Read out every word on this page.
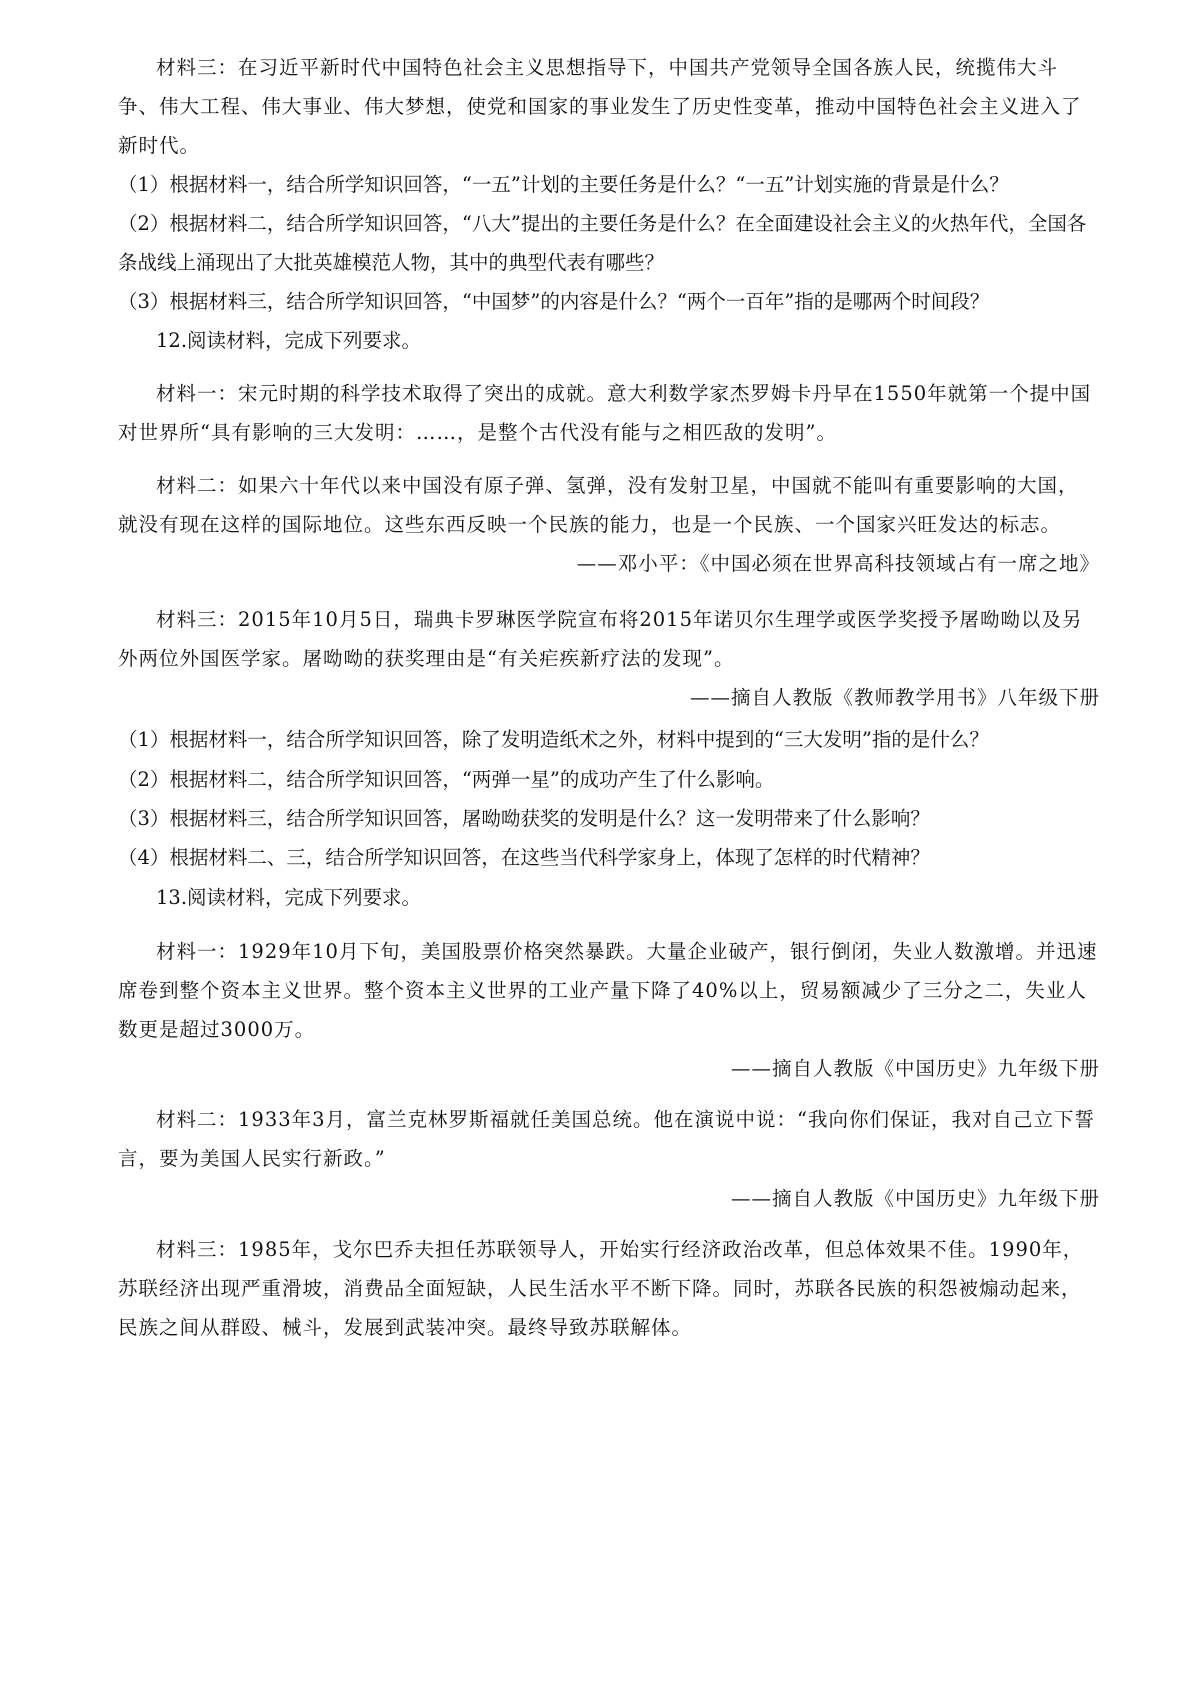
材料三：在习近平新时代中国特色社会主义思想指导下，中国共产党领导全国各族人民，统揽伟大斗争、伟大工程、伟大事业、伟大梦想，使党和国家的事业发生了历史性变革，推动中国特色社会主义进入了新时代。

（1）根据材料一，结合所学知识回答，“一五”计划的主要任务是什么？“一五”计划实施的背景是什么？

（2）根据材料二，结合所学知识回答，“八大”提出的主要任务是什么？在全面建设社会主义的火热年代，全国各条战线上涌现出了大批英雄模范人物，其中的典型代表有哪些？

（3）根据材料三，结合所学知识回答，“中国梦”的内容是什么？“两个一百年”指的是哪两个时间段？

12.阅读材料，完成下列要求。

材料一：宋元时期的科学技术取得了突出的成就。意大利数学家杰罗姆卡丹早在1550年就第一个提中国对世界所“具有影响的三大发明：……，是整个古代没有能与之相匹敌的发明”。

材料二：如果六十年代以来中国没有原子弹、氢弹，没有发射卫星，中国就不能叫有重要影响的大国，就没有现在这样的国际地位。这些东西反映一个民族的能力，也是一个民族、一个国家兴旺发达的标志。

——邓小平：《中国必须在世界高科技领域占有一席之地》

材料三：2015年10月5日，瑞典卡罗琳医学院宣布将2015年诺贝尔生理学或医学奖授予屠呦呦以及另外两位外国医学家。屠呦呦的获奖理由是“有关疟疾新疗法的发现”。

——摘自人教版《教师教学用书》八年级下册

（1）根据材料一，结合所学知识回答，除了发明造纸术之外，材料中提到的“三大发明”指的是什么？

（2）根据材料二，结合所学知识回答，“两弹一星”的成功产生了什么影响。

（3）根据材料三，结合所学知识回答，屠呦呦获奖的发明是什么？这一发明带来了什么影响？

（4）根据材料二、三，结合所学知识回答，在这些当代科学家身上，体现了怎样的时代精神？

13.阅读材料，完成下列要求。

材料一：1929年10月下旬，美国股票价格突然暴跌。大量企业破产，银行倒闭，失业人数激增。并迅速席卷到整个资本主义世界。整个资本主义世界的工业产量下降了40%以上，贸易额减少了三分之二，失业人数更是超过3000万。

——摘自人教版《中国历史》九年级下册

材料二：1933年3月，富兰克林罗斯福就任美国总统。他在演说中说：“我向你们保证，我对自己立下誓言，要为美国人民实行新政。”

——摘自人教版《中国历史》九年级下册

材料三：1985年，戈尔巴乔夫担任苏联领导人，开始实行经济政治改革，但总体效果不佳。1990年，苏联经济出现严重滑坡，消费品全面短缺，人民生活水平不断下降。同时，苏联各民族的积怨被煽动起来，民族之间从群殴、械斗，发展到武装冲突。最终导致苏联解体。
